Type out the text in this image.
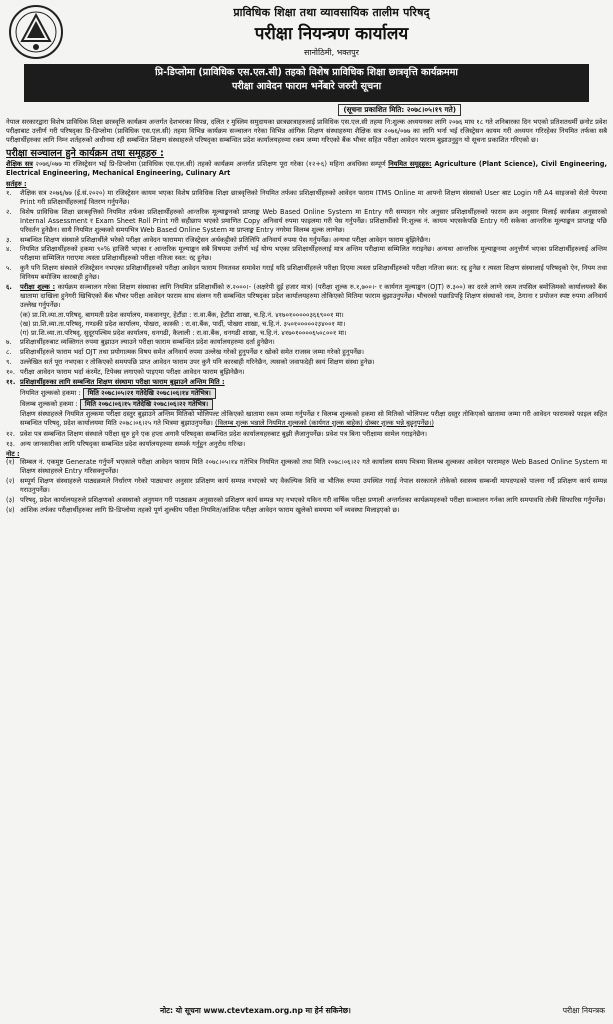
प्राविधिक शिक्षा तथा व्यावसायिक तालीम परिषद्
परीक्षा नियन्त्रण कार्यालय
सानोठिमी, भक्तपुर
प्रि-डिप्लोमा (प्राविधिक एस.एल.सी) तहको विशेष प्राविधिक शिक्षा छात्रवृत्ति कार्यक्रममा
परीक्षा आवेदन फाराम भर्नेबारे जरुरी सूचना
(सूचना प्रकाशित मिति: २०७८।०५।१९ गते)

नेपाल सरकारद्वारा विशेष प्राविधिक शिक्षा छात्रवृत्ति कार्यक्रम अन्तर्गत देशभरका विपन्न, दलित र मुस्लिम समुदायका छात्रछात्राहरुलाई प्राविधिक एस.एल.सी तहमा नि:शुल्क अध्ययनका लागि २०७६ माघ १८ गते शनिबारका दिन भएको प्रतिशतधर्मी छनोट प्रवेश परीक्षाबाट उत्तीर्ण गरी परिषद्का प्रि-डिप्लोमा (प्राविधिक एस.एल.सी) तहमा विभिन्न कार्यक्रम सञ्चालन गरेका विभिन्न आंगिक शिक्षण संस्थाहरुमा शैक्षिक सत्र २०७६/०७७ का लागि भर्ना भई रजिस्ट्रेसन कायम गरी अध्ययन गरिरहेका नियमित तर्फका सबै परीक्षार्थीहरुका लागि निम्न शर्तहरुको अधीनमा रही सम्बन्धित शिक्षण संस्थाहरुले परिषद्का सम्बन्धित प्रदेश कार्यालयहरुमा रकम जम्मा गरिएको बैंक भौचर सहित परीक्षा आवेदन फाराम बुझाउनुहुन यो सूचना प्रकाशित गरिएको छ।

परीक्षा सञ्चालन हुने कार्यक्रम तथा समूहहरु :

शैक्षिक सत्र २०७६/०७७ मा रजिस्ट्रेसन भई प्रि-डिप्लोमा (प्राविधिक एस.एल.सी) तहको कार्यक्रम अन्तर्गत प्रशिक्षण पूरा गरेका (१२+६) महिना अवधिका सम्पूर्ण नियमित समूहहरु: Agriculture (Plant Science), Civil Engineering, Electrical Engineering, Mechanical Engineering, Culinary Art

सर्तहरु :
१.	शैक्षिक सत्र २०७६/७७ (ई.सं.२०२०) मा रजिस्ट्रेसन कायम भएका विशेष प्राविधिक शिक्षा छात्रवृत्तिको नियमित तर्फका प्रशिक्षार्थीहरुको आवेदन फाराम ITMS Online मा आफ्नो शिक्षण संस्थाको User बाट Login गरी A4 साइजको सेतो पेपरमा Print गरी प्रशिक्षार्थीहरुलाई वितरण गर्नुपर्नेछ।
२.	विशेष प्राविधिक शिक्षा छात्रवृत्तिको नियमित तर्फका प्रशिक्षार्थीहरुको आन्तरिक मूल्याङ्कनको प्राप्ताङ्क Web Based Online System मा Entry गरी सम्पादन गरेर अनुसार प्रशिक्षार्थीहरुको फाराम क्रम अनुसार मिलाई कार्यक्रम अनुसारको Internal Assessment र Exam Sheet Roll Print गरी सहीछाप भएको प्रमाणित Copy अनिवार्य रुपमा फाइलमा गरी पेस गर्नुपर्नेछ। प्रशिक्षार्थीको नि:शुल्क नं. कायम भएसकेपछि Entry गरी सकेका आन्तरिक मूल्याङ्कन प्राप्ताङ्क पछि परिवर्तन हुनेछैन। साथै नियमित शुल्कको समयभित्र Web Based Online System मा प्राप्ताङ्क Entry नगरेमा विलम्ब शुल्क लाग्नेछ।
३.	सम्बन्धित शिक्षण संस्थाले प्रशिक्षार्थीले भरेको परीक्षा आवेदन फाराममा रजिस्ट्रेसन अर्थकट्टीको प्रतिलिपि अनिवार्य रुपमा पेस गर्नुपर्नेछ। अन्यथा परीक्षा आवेदन फाराम बुझिनेछैन।
४.	नियमित प्रशिक्षार्थीहरुको हकमा ९०% हाजिरी भएका र आन्तरिक मूल्याङ्कन सबै विषयमा उत्तीर्ण भई योग्य भएका प्रशिक्षार्थीहरुलाई मात्र अन्तिम परीक्षामा सम्मिलित गराइनेछ। अन्यथा आन्तरिक मूल्याङ्कनमा अनुत्तीर्ण भएका प्रशिक्षार्थीहरुलाई अन्तिम परीक्षामा सम्मिलित गराएमा त्यस्ता प्रशिक्षार्थीहरुको परीक्षा नतिजा स्वत: रद्द हुनेछ।
५.	कुनै पनि शिक्षण संस्थाले रजिस्ट्रेसन नभएका प्रशिक्षार्थीहरुको परीक्षा आवेदन फाराम नियतवश समावेश गराई यदि प्रशिक्षार्थीहरुले परीक्षा दिएमा त्यस्ता प्रशिक्षार्थीहरुको परीक्षा नतिजा स्वत: रद्द हुनेछ र त्यस्ता शिक्षण संस्थालाई परिषद्को ऐन, नियम तथा विनियम बमोजिम कारबाही हुनेछ।
६.	परीक्षा शुल्क : कार्यक्रम सञ्चालन गरेका शिक्षण संस्थाका लागि नियमित प्रशिक्षार्थीको रु.२०००।- (अक्षरेपी दुई हजार मात्र) (परीक्षा शुल्क रु.१,७००।- र कार्यगत मूल्याङ्कन (OJT) रु.३००) का दरले लाग्ने रकम तपसिल बमोजिमको कार्यालयको बैंक खातामा दाखिला हुनेगरी खिचिएको बैंक भौचर परीक्षा आवेदन फाराम साथ संलग्न गरी सम्बन्धित परिषद्का प्रदेश कार्यालयहरुमा तोकिएको मितिमा फाराम बुझाउनुपर्नेछ। भौचरको पछाडिपट्टि शिक्षण संस्थाको नाम, ठेगाना र प्रयोजन स्पष्ट रुपमा अनिवार्य उल्लेख गर्नुपर्नेछ।
(क) प्रा.शि.व्या.ता.परिषद्, बागमती प्रदेश कार्यालय, मकवानपुर, हेटौंडा : रा.वा.बैंक, हेटौंडा शाखा, च.हि.नं. ४१७०१०००००३६६९००१ मा।
(ख) प्रा.शि.व्या.ता.परिषद्, गण्डकी प्रदेश कार्यालय, पोखरा, कास्की : रा.वा.बैंक, पार्दी, पोखरा शाखा, च.हि.नं. ३५०१०००००२३४००१ मा।
(ग) प्रा.शि.व्या.ता.परिषद्, सुदूरपश्चिम प्रदेश कार्यालय, धनगढी, कैलाली : रा.वा.बैंक, धनगढी शाखा, च.हि.नं. ४१७०१००००६५०८००१ मा।
७.	प्रशिक्षार्थीहरुबाट व्यक्तिगत रुपमा बुझाउन ल्याउने परीक्षा फाराम सम्बन्धित प्रदेश कार्यालयहरुमा दर्ता हुनेछैन।
८.	प्रशिक्षार्थीहरुले फाराम भर्दा OJT तथा प्रयोगात्मक विषय समेत अनिवार्य रुपमा उल्लेख गरेको हुनुपर्नेछ र खोको समेत राजस्व जम्मा गरेको हुनुपर्नेछ।
९.	उल्लेखित सर्त पूरा नभएका र तोकिएको समयपछि प्राप्त आवेदन फाराम उपर कुनै पनि कारबाही गरिनेछैन, त्यसको जवाफदेही स्वयं शिक्षण संस्था हुनेछ।
१०. परीक्षा आवेदन फाराम भर्दा कंरमेंट, टिपेक्स लगाएको पाइएमा परीक्षा आवेदन फाराम बुझिनेछैन।
११. प्रशिक्षार्थीहरुका लागि सम्बन्धित शिक्षण संस्थामा परीक्षा फाराम बुझाउने अन्तिम मिति :
नियमित शुल्कको हकमा : मिति २०७८।०५।२१ गतेदेखि २०७८।०६।१४ गतेभित्र।
विलम्ब शुल्कको हकमा : मिति २०७८।०६।१५ गतेदेखि २०७८।०६।२२ गतेभित्र।

शिक्षण संस्थाहरुले नियमित शुल्कमा परीक्षा दस्तुर बुझाउने अन्तिम मितिको भोलिपल्ट तोकिएको खातामा रकम जम्मा गर्नुपर्नेछ र विलम्ब शुल्कको हकमा सो मितिको भोलिपल्ट परीक्षा दस्तुर तोकिएको खातामा जम्मा गरी आवेदन फारामको फाइल सहित सम्बन्धित परिषद्, प्रदेश कार्यालयमा मिति २०७८।०६।२५ गते भित्रमा बुझाउनुपर्नेछ। (विलम्ब शुल्क भन्नाले नियमित शुल्कको (कार्यगत शुल्क बाहेक) दोब्बर शुल्क भन्ने बुझ्नुपर्नेछ।)

१२. प्रवेश पत्र सम्बन्धित शिक्षण संस्थाले परीक्षा सुरु हुने एक हप्ता अगावै परिषद्का सम्बन्धित प्रदेश कार्यालयहरुबाट बुझी लैजानुपर्नेछ। प्रवेश पत्र बिना परीक्षामा सामेल गराइनेछैन।
१३. अन्य जानकारीका लागि परिषद्का सम्बन्धित प्रदेश कार्यालयहरुमा सम्पर्क गर्नुहुन अनुरोध गरिन्छ।
नोट :
(१) सिम्बल नं. एकमुष्ट Generate गर्नुपर्ने भएकाले परीक्षा आवेदन फाराम मिति २०७८।०५।१४ गतेभित्र नियमित शुल्कको तथा मिति २०७८।०६।२२ गते कार्यालय समय भित्रमा विलम्ब शुल्कका आवेदन फारामहरु Web Based Online System मा शिक्षण संस्थाहरुले Entry गरिसक्नुपर्नेछ।
(२) सम्पूर्ण शिक्षण संस्थाहरुले पाठ्यक्रमले निर्धारण गरेको पाठ्यभार अनुसार प्रशिक्षण कार्य सम्पन्न नभएको भए वैकल्पिक विधि वा भौतिक रुपमा उपस्थित गराई नेपाल सरकारले तोकेको स्वास्थ्य सम्बन्धी मापदण्डको पालना गर्दै प्रशिक्षण कार्य सम्पन्न गराउनुपर्नेछ।
(३) परिषद्, प्रदेश कार्यालयहरुले प्रशिक्षणको अवस्थाको अनुगमन गरी पाठ्यक्रम अनुसारको प्रशिक्षण कार्य सम्पन्न भए नभएको यकिन गरी वार्षिक परीक्षा प्रणाली अन्तर्गतका कार्यक्रमहरुको परीक्षा सञ्चालन गर्नका लागि समयावधि तोकी सिफारिस गर्नुपर्नेछ।
(४) आंशिक तर्फका परीक्षार्थीहरुका लागि प्रि-डिप्लोमा तहको पूर्ण शुल्कीय परीक्षा नियमित/आंशिक परीक्षा आवेदन फाराम खुलेको समयमा भर्ने व्यवस्था मिलाइएको छ।
नोट: यो सूचना www.ctevtexam.org.np मा हेर्न सकिनेछ।	परीक्षा नियन्त्रक
